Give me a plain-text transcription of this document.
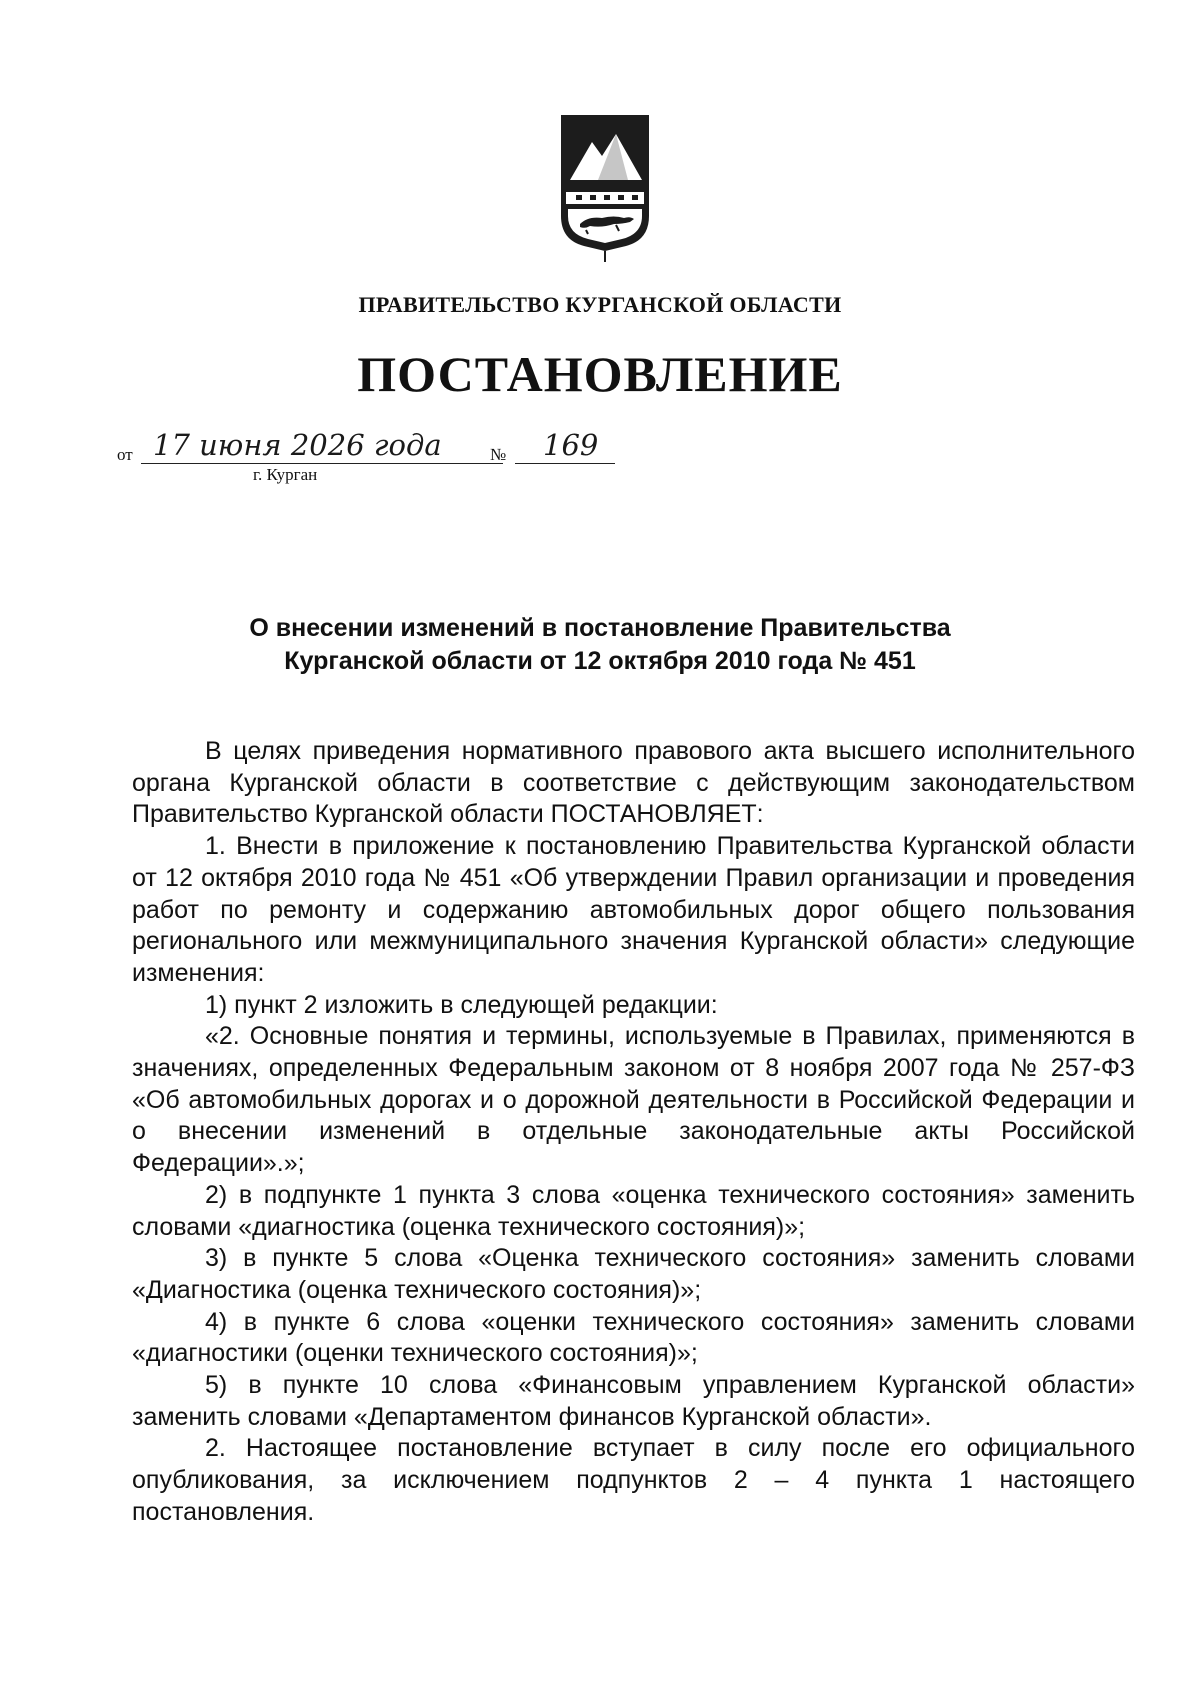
ПРАВИТЕЛЬСТВО КУРГАНСКОЙ ОБЛАСТИ
ПОСТАНОВЛЕНИЕ
от 17 июня 2026 года	№ 169
г. Курган
О внесении изменений в постановление Правительства
Курганской области от 12 октября 2010 года № 451

В целях приведения нормативного правового акта высшего исполнительного органа Курганской области в соответствие с действующим законодательством Правительство Курганской области ПОСТАНОВЛЯЕТ:

1. Внести в приложение к постановлению Правительства Курганской области от 12 октября 2010 года № 451 «Об утверждении Правил организации и проведения работ по ремонту и содержанию автомобильных дорог общего пользования регионального или межмуниципального значения Курганской области» следующие изменения:

1) пункт 2 изложить в следующей редакции:

«2. Основные понятия и термины, используемые в Правилах, применяются в значениях, определенных Федеральным законом от 8 ноября 2007 года № 257-ФЗ «Об автомобильных дорогах и о дорожной деятельности в Российской Федерации и о внесении изменений в отдельные законодательные акты Российской Федерации».»;

2) в подпункте 1 пункта 3 слова «оценка технического состояния» заменить словами «диагностика (оценка технического состояния)»;

3) в пункте 5 слова «Оценка технического состояния» заменить словами «Диагностика (оценка технического состояния)»;

4) в пункте 6 слова «оценки технического состояния» заменить словами «диагностики (оценки технического состояния)»;

5) в пункте 10 слова «Финансовым управлением Курганской области» заменить словами «Департаментом финансов Курганской области».

2. Настоящее постановление вступает в силу после его официального опубликования, за исключением подпунктов 2 – 4 пункта 1 настоящего постановления.
